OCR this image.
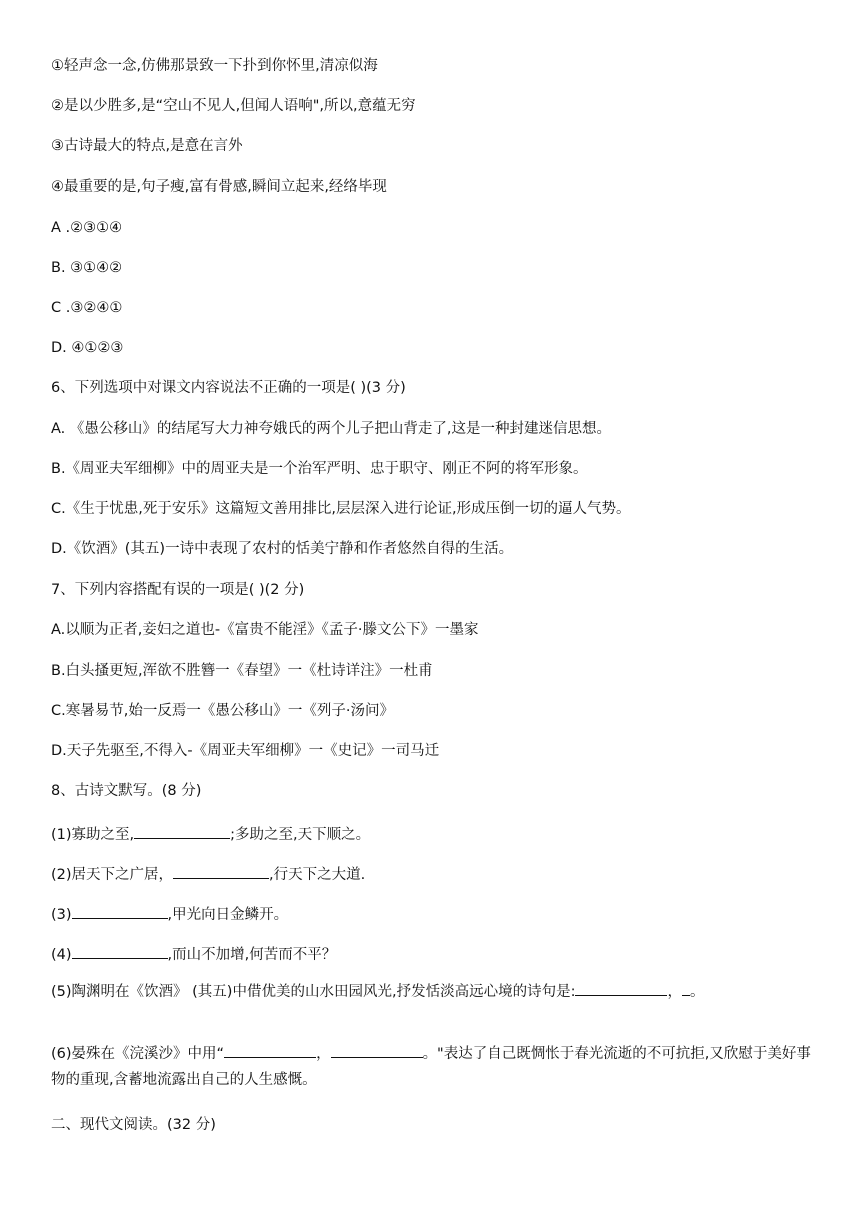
①轻声念一念,仿佛那景致一下扑到你怀里,清凉似海
②是以少胜多,是“空山不见人,但闻人语响",所以,意蕴无穷
③古诗最大的特点,是意在言外
④最重要的是,句子瘦,富有骨感,瞬间立起来,经络毕现
A .②③①④
B. ③①④②
C .③②④①
D. ④①②③
6、下列选项中对课文内容说法不正确的一项是( )(3 分)
A. 《愚公移山》的结尾写大力神夸娥氏的两个儿子把山背走了,这是一种封建迷信思想。
B.《周亚夫军细柳》中的周亚夫是一个治军严明、忠于职守、刚正不阿的将军形象。
C.《生于忧患,死于安乐》这篇短文善用排比,层层深入进行论证,形成压倒一切的逼人气势。
D.《饮酒》(其五)一诗中表现了农村的恬美宁静和作者悠然自得的生活。
7、下列内容搭配有误的一项是( )(2 分)
A.以顺为正者,妾妇之道也-《富贵不能淫》《孟子·滕文公下》一墨家
B.白头搔更短,浑欲不胜簪一《春望》一《杜诗详注》一杜甫
C.寒暑易节,始一反焉一《愚公移山》一《列子·汤问》
D.天子先驱至,不得入-《周亚夫军细柳》一《史记》一司马迁
8、古诗文默写。(8 分)
(1)寡助之至,	;多助之至,天下顺之。
(2)居天下之广居，	,行天下之大道.
(3)	,甲光向日金鳞开。
(4)	,而山不加增,何苦而不平？
(5)陶渊明在《饮酒》 (其五)中借优美的山水田园风光,抒发恬淡高远心境的诗句是:	， 。
(6)晏殊在《浣溪沙》中用“	，	。"表达了自己既惆怅于春光流逝的不可抗拒,又欣慰于美好事物的重现,含蓄地流露出自己的人生感慨。
二、现代文阅读。(32 分)
